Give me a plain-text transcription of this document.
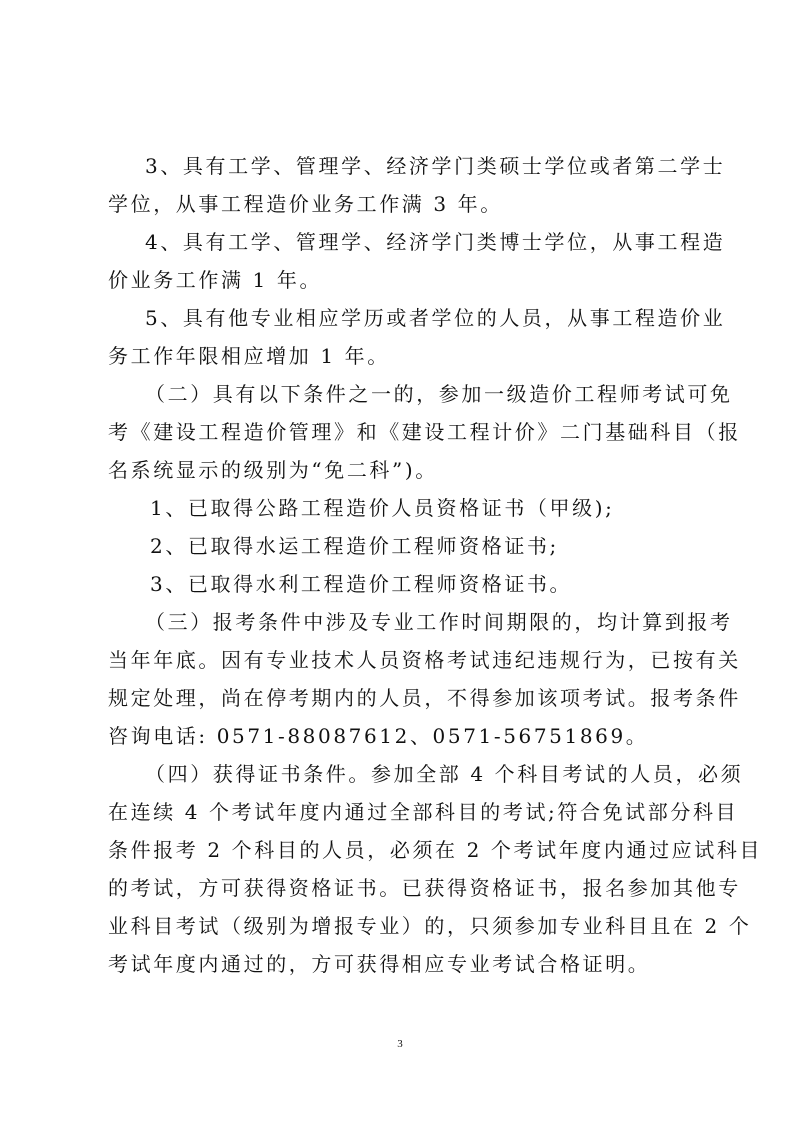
3、具有工学、管理学、经济学门类硕士学位或者第二学士
学位，从事工程造价业务工作满 3 年。
4、具有工学、管理学、经济学门类博士学位，从事工程造
价业务工作满 1 年。
5、具有他专业相应学历或者学位的人员，从事工程造价业
务工作年限相应增加 1 年。
（二）具有以下条件之一的，参加一级造价工程师考试可免
考《建设工程造价管理》和《建设工程计价》二门基础科目（报
名系统显示的级别为“免二科”)。
1、已取得公路工程造价人员资格证书（甲级);
2、已取得水运工程造价工程师资格证书;
3、已取得水利工程造价工程师资格证书。
（三）报考条件中涉及专业工作时间期限的，均计算到报考
当年年底。因有专业技术人员资格考试违纪违规行为，已按有关
规定处理，尚在停考期内的人员，不得参加该项考试。报考条件
咨询电话: 0571-88087612、0571-56751869。
（四）获得证书条件。参加全部 4 个科目考试的人员，必须
在连续 4 个考试年度内通过全部科目的考试;符合免试部分科目
条件报考 2 个科目的人员，必须在 2 个考试年度内通过应试科目
的考试，方可获得资格证书。已获得资格证书，报名参加其他专
业科目考试（级别为增报专业）的，只须参加专业科目且在 2 个
考试年度内通过的，方可获得相应专业考试合格证明。
3
